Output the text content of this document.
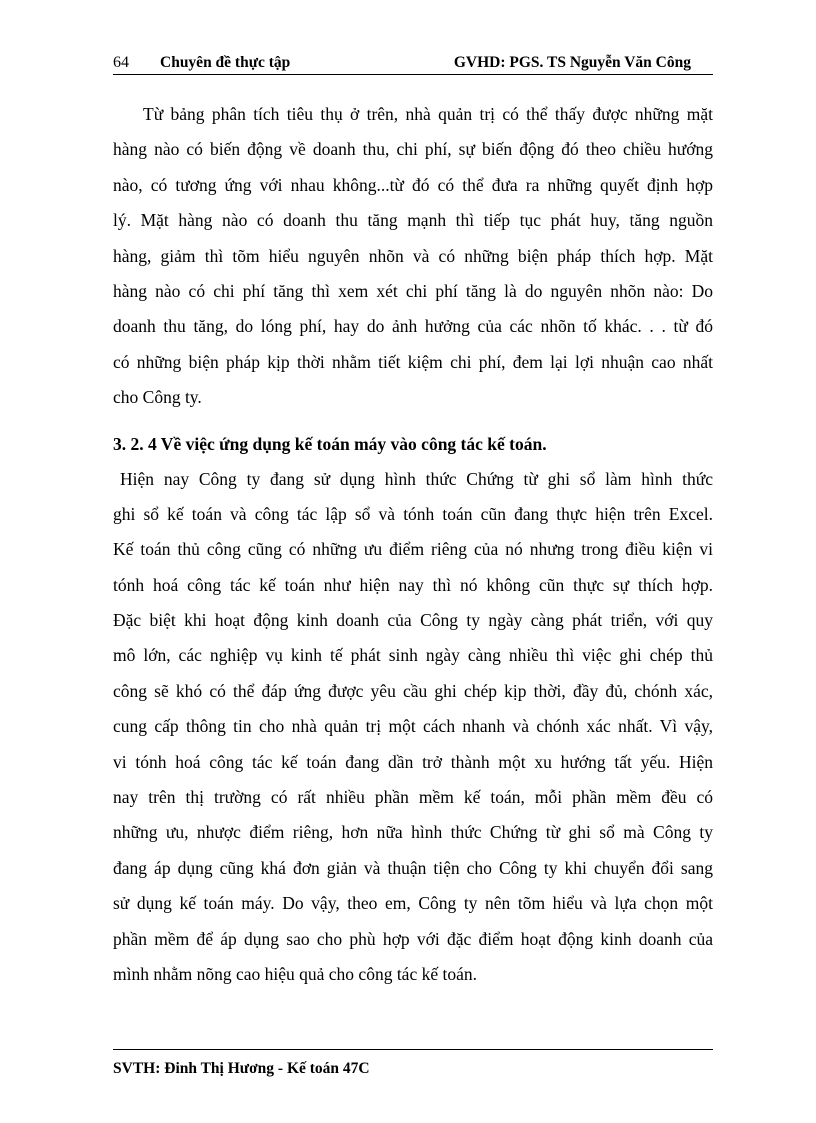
64 Chuyên đề thực tập	GVHD: PGS. TS Nguyễn Văn Công

Từ bảng phân tích tiêu thụ ở trên, nhà quản trị có thể thấy được những mặt

hàng nào có biến động về doanh thu, chi phí, sự biến động đó theo chiều hướng

nào, có tương ứng với nhau không...từ đó có thể đưa ra những quyết định hợp

lý. Mặt hàng nào có doanh thu tăng mạnh thì tiếp tục phát huy, tăng nguồn

hàng, giảm thì tõm hiểu nguyên nhõn và có những biện pháp thích hợp. Mặt

hàng nào có chi phí tăng thì xem xét chi phí tăng là do nguyên nhõn nào: Do

doanh thu tăng, do lóng phí, hay do ảnh hưởng của các nhõn tố khác. . . từ đó

có những biện pháp kịp thời nhằm tiết kiệm chi phí, đem lại lợi nhuận cao nhất

cho Công ty.

3. 2. 4 Về việc ứng dụng kế toán máy vào công tác kế toán.

Hiện nay Công ty đang sử dụng hình thức Chứng từ ghi sổ làm hình thức

ghi sổ kế toán và công tác lập sổ và tónh toán cũn đang thực hiện trên Excel.

Kế toán thủ công cũng có những ưu điểm riêng của nó nhưng trong điều kiện vi

tónh hoá công tác kế toán như hiện nay thì nó không cũn thực sự thích hợp.

Đặc biệt khi hoạt động kinh doanh của Công ty ngày càng phát triển, với quy

mô lớn, các nghiệp vụ kinh tế phát sinh ngày càng nhiều thì việc ghi chép thủ

công sẽ khó có thể đáp ứng được yêu cầu ghi chép kịp thời, đầy đủ, chónh xác,

cung cấp thông tin cho nhà quản trị một cách nhanh và chónh xác nhất. Vì vậy,

vi tónh hoá công tác kế toán đang dần trở thành một xu hướng tất yếu. Hiện

nay trên thị trường có rất nhiều phần mềm kế toán, mỗi phần mềm đều có

những ưu, nhược điểm riêng, hơn nữa hình thức Chứng từ ghi sổ mà Công ty

đang áp dụng cũng khá đơn giản và thuận tiện cho Công ty khi chuyển đổi sang

sử dụng kế toán máy. Do vậy, theo em, Công ty nên tõm hiểu và lựa chọn một

phần mềm để áp dụng sao cho phù hợp với đặc điểm hoạt động kinh doanh của

mình nhằm nõng cao hiệu quả cho công tác kế toán.

SVTH: Đinh Thị Hương - Kế toán 47C
